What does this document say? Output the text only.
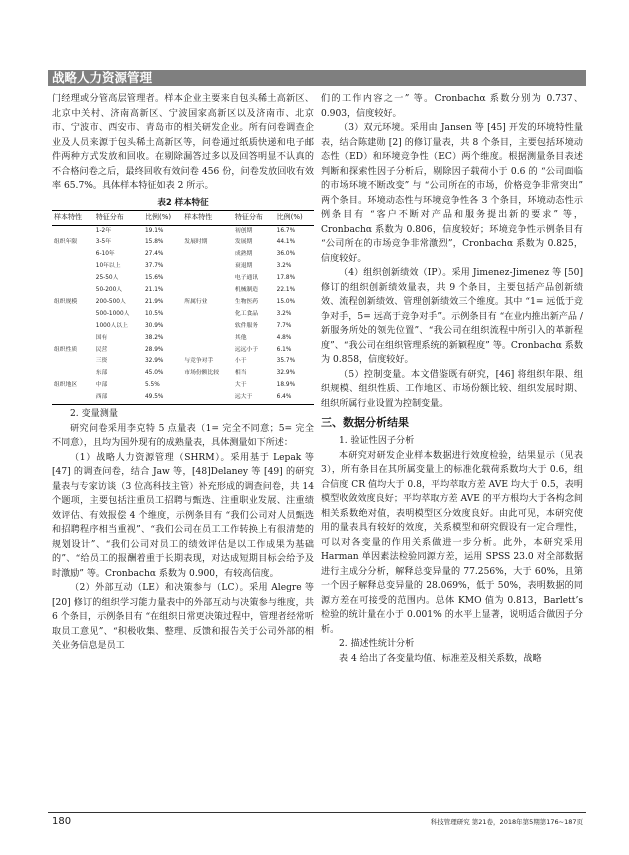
战略人力资源管理

门经理或分管高层管理者。样本企业主要来自包头稀土高新区、北京中关村、济南高新区、宁波国家高新区以及济南市、北京市、宁波市、西安市、青岛市的相关研发企业。所有问卷调查企业及人员来源于包头稀土高新区等，问卷通过纸质快递和电子邮件两种方式发放和回收。在剔除漏答过多以及回答明显不认真的不合格问卷之后，最终回收有效问卷 456 份，问卷发放回收有效率 65.7%。具体样本特征如表 2 所示。

表2 样本特征
样本特性	特征分布	比例(%)	样本特性	特征分布	比例(%)
	1-2年	19.1%		初创期	16.7%
组织年限	3-5年	15.8%	发展时期	发展期	44.1%
	6-10年	27.4%		成熟期	36.0%
	10年以上	37.7%		衰退期	3.2%
	25-50人	15.6%		电子通讯	17.8%
	50-200人	21.1%		机械制造	22.1%
组织规模	200-500人	21.9%	所属行业	生物医药	15.0%
	500-1000人	10.5%		化工食品	3.2%
	1000人以上	30.9%		软件服务	7.7%
	国有	38.2%		其他	4.8%
组织性质	民营	28.9%		远远小于	6.1%
	三资	32.9%	与竞争对手	小于	35.7%
	东部	45.0%	市场份额比较	相当	32.9%
组织地区	中部	5.5%		大于	18.9%
	西部	49.5%		远大于	6.4%

2. 变量测量

研究问卷采用李克特 5 点量表（1= 完全不同意；5= 完全不同意），且均为国外现有的成熟量表，具体测量如下所述：

（1）战略人力资源管理（SHRM）。采用基于 Lepak 等 [47] 的调查问卷，结合 Jaw 等，[48]Delaney 等 [49] 的研究量表与专家访谈（3 位高科技主管）补充形成的调查问卷，共 14 个题项，主要包括注重员工招聘与甄选、注重职业发展、注重绩效评估、有效报偿 4 个维度，示例条目有 “我们公司对人员甄选和招聘程序相当重视”、“我们公司在员工工作转换上有很清楚的规划设计”、“我们公司对员工的绩效评估是以工作成果为基础的”、“给员工的报酬着重于长期表现，对达成短期目标会给予及时激励” 等。Cronbachα 系数为 0.900，有较高信度。

（2）外部互动（LE）和决策参与（LC）。采用 Alegre 等 [20] 修订的组织学习能力量表中的外部互动与决策参与维度，共 6 个条目，示例条目有 “在组织日常更决策过程中，管理者经常听取员工意见”、“积极收集、整理、反馈和报告关于公司外部的相关业务信息是员工

们的工作内容之一” 等。Cronbachα 系数分别为 0.737、0.903，信度较好。

（3）双元环境。采用由 Jansen 等 [45] 开发的环境特性量表，结合陈建勋 [2] 的修订量表，共 8 个条目，主要包括环境动态性（ED）和环境竞争性（EC）两个维度。根据测量条目表述判断和探索性因子分析后，剔除因子载荷小于 0.6 的 “公司面临的市场环境不断改变” 与 “公司所在的市场，价格竞争非常突出” 两个条目。环境动态性与环境竞争性各 3 个条目，环境动态性示例条目有 “客户不断对产品和服务提出新的要求” 等，Cronbachα 系数为 0.806，信度较好；环境竞争性示例条目有 “公司所在的市场竞争非常激烈”，Cronbachα 系数为 0.825，信度较好。

（4）组织创新绩效（IP）。采用 Jimenez-Jimenez 等 [50] 修订的组织创新绩效量表，共 9 个条目，主要包括产品创新绩效、流程创新绩效、管理创新绩效三个维度。其中 “1= 远低于竞争对手，5= 远高于竞争对手”。示例条目有 “在业内推出新产品 / 新服务所处的领先位置”、“我公司在组织流程中所引入的革新程度”、“我公司在组织管理系统的新颖程度” 等。Cronbachα 系数为 0.858，信度较好。

（5）控制变量。本文借鉴既有研究，[46] 将组织年限、组织规模、组织性质、工作地区、市场份额比较、组织发展时期、组织所属行业设置为控制变量。

三、数据分析结果

1. 验证性因子分析

本研究对研发企业样本数据进行效度检验，结果显示（见表 3），所有条目在其所属变量上的标准化载荷系数均大于 0.6，组合信度 CR 值均大于 0.8，平均萃取方差 AVE 均大于 0.5，表明模型收敛效度良好；平均萃取方差 AVE 的平方根均大于各构念间相关系数绝对值，表明模型区分效度良好。由此可见，本研究使用的量表具有较好的效度，关系模型和研究假设有一定合理性，可以对各变量的作用关系做进一步分析。此外，本研究采用 Harman 单因素法检验同源方差，运用 SPSS 23.0 对全部数据进行主成分分析，解释总变异量的 77.256%，大于 60%，且第一个因子解释总变异量的 28.069%，低于 50%，表明数据的同源方差在可接受的范围内。总体 KMO 值为 0.813，Barlett’s 检验的统计量在小于 0.001% 的水平上显著，说明适合做因子分析。

2. 描述性统计分析

表 4 给出了各变量均值、标准差及相关系数，战略

180	科技管理研究 第21卷，2018年第5期第176~187页
